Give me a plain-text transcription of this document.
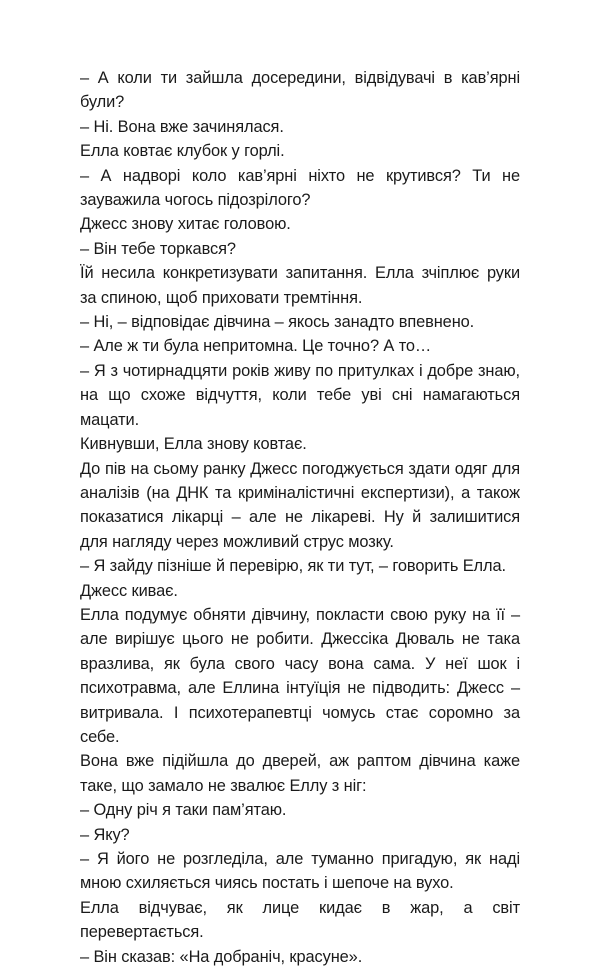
– А коли ти зайшла досередини, відвідувачі в кав’ярні були?

– Ні. Вона вже зачинялася.

Елла ковтає клубок у горлі.

– А надворі коло кав’ярні ніхто не крутився? Ти не зауважила чогось підозрілого?

Джесс знову хитає головою.

– Він тебе торкався?

Їй несила конкретизувати запитання. Елла зчіплює руки за спиною, щоб приховати тремтіння.

– Ні, – відповідає дівчина – якось занадто впевнено.

– Але ж ти була непритомна. Це точно? А то…

– Я з чотирнадцяти років живу по притулках і добре знаю, на що схоже відчуття, коли тебе уві сні намагаються мацати.

Кивнувши, Елла знову ковтає.

До пів на сьому ранку Джесс погоджується здати одяг для аналізів (на ДНК та криміналістичні експертизи), а також показатися лікарці – але не лікареві. Ну й залишитися для нагляду через можливий струс мозку.

– Я зайду пізніше й перевірю, як ти тут, – говорить Елла.

Джесс киває.

Елла подумує обняти дівчину, покласти свою руку на її – але вирішує цього не робити. Джессіка Дюваль не така вразлива, як була свого часу вона сама. У неї шок і психотравма, але Еллина інтуїція не підводить: Джесс – витривала. І психотерапевтці чомусь стає соромно за себе.

Вона вже підійшла до дверей, аж раптом дівчина каже таке, що замало не звалює Еллу з ніг:

– Одну річ я таки пам’ятаю.

– Яку?

– Я його не розгледіла, але туманно пригадую, як наді мною схиляється чиясь постать і шепоче на вухо.

Елла відчуває, як лице кидає в жар, а світ перевертається.

– Він сказав: «На добраніч, красуне».
